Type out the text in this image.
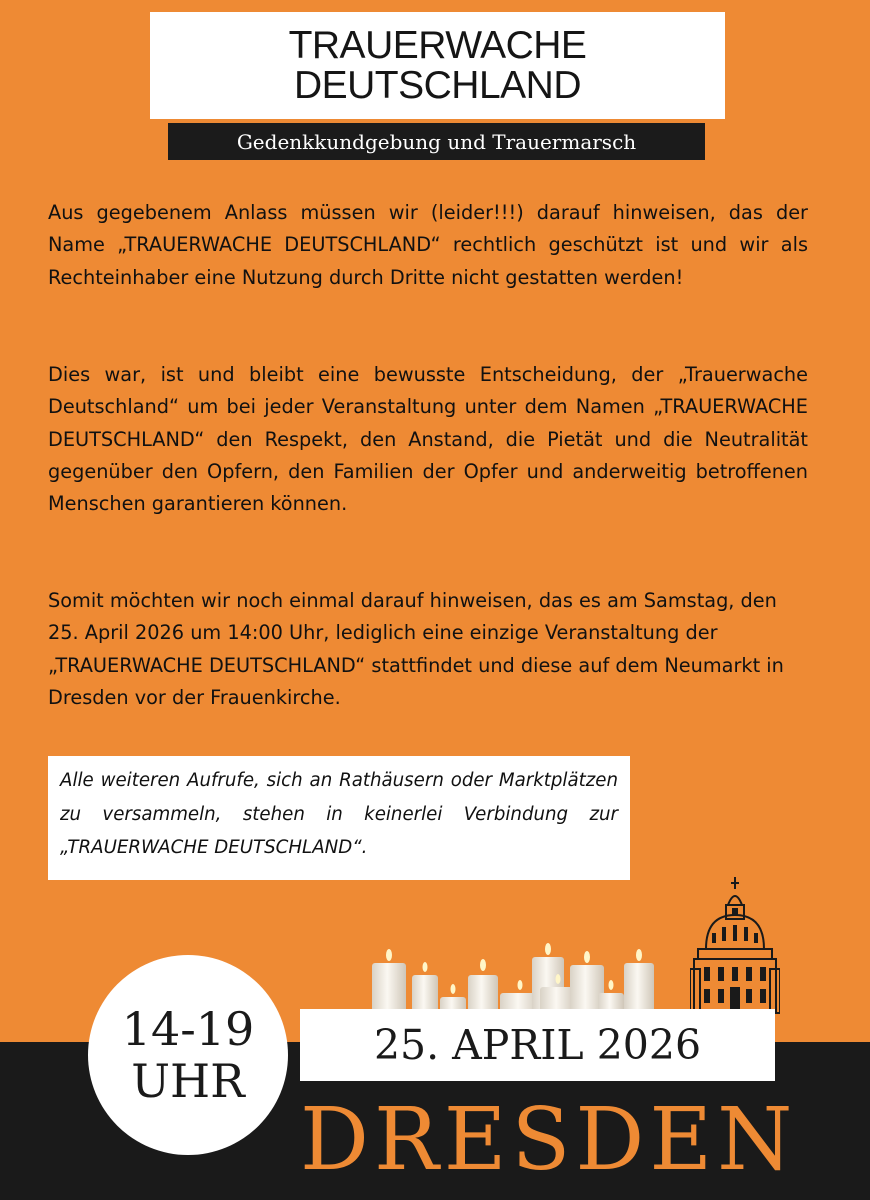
TRAUERWACHE
DEUTSCHLAND
Gedenkkundgebung und Trauermarsch

Aus gegebenem Anlass müssen wir (leider!!!) darauf hinweisen, das der Name „TRAUERWACHE DEUTSCHLAND“ rechtlich geschützt ist und wir als Rechteinhaber eine Nutzung durch Dritte nicht gestatten werden!

Dies war, ist und bleibt eine bewusste Entscheidung, der „Trauerwache Deutschland“ um bei jeder Veranstaltung unter dem Namen „TRAUERWACHE DEUTSCHLAND“ den Respekt, den Anstand, die Pietät und die Neutralität gegenüber den Opfern, den Familien der Opfer und anderweitig betroffenen Menschen garantieren können.

Somit möchten wir noch einmal darauf hinweisen, das es am Samstag, den 25. April 2026 um 14:00 Uhr, lediglich eine einzige Veranstaltung der „TRAUERWACHE DEUTSCHLAND“ stattfindet und diese auf dem Neumarkt in Dresden vor der Frauenkirche.

Alle weiteren Aufrufe, sich an Rathäusern oder Marktplätzen zu versammeln, stehen in keinerlei Verbindung zur „TRAUERWACHE DEUTSCHLAND“.
14-19
UHR
25. APRIL 2026
DRESDEN
